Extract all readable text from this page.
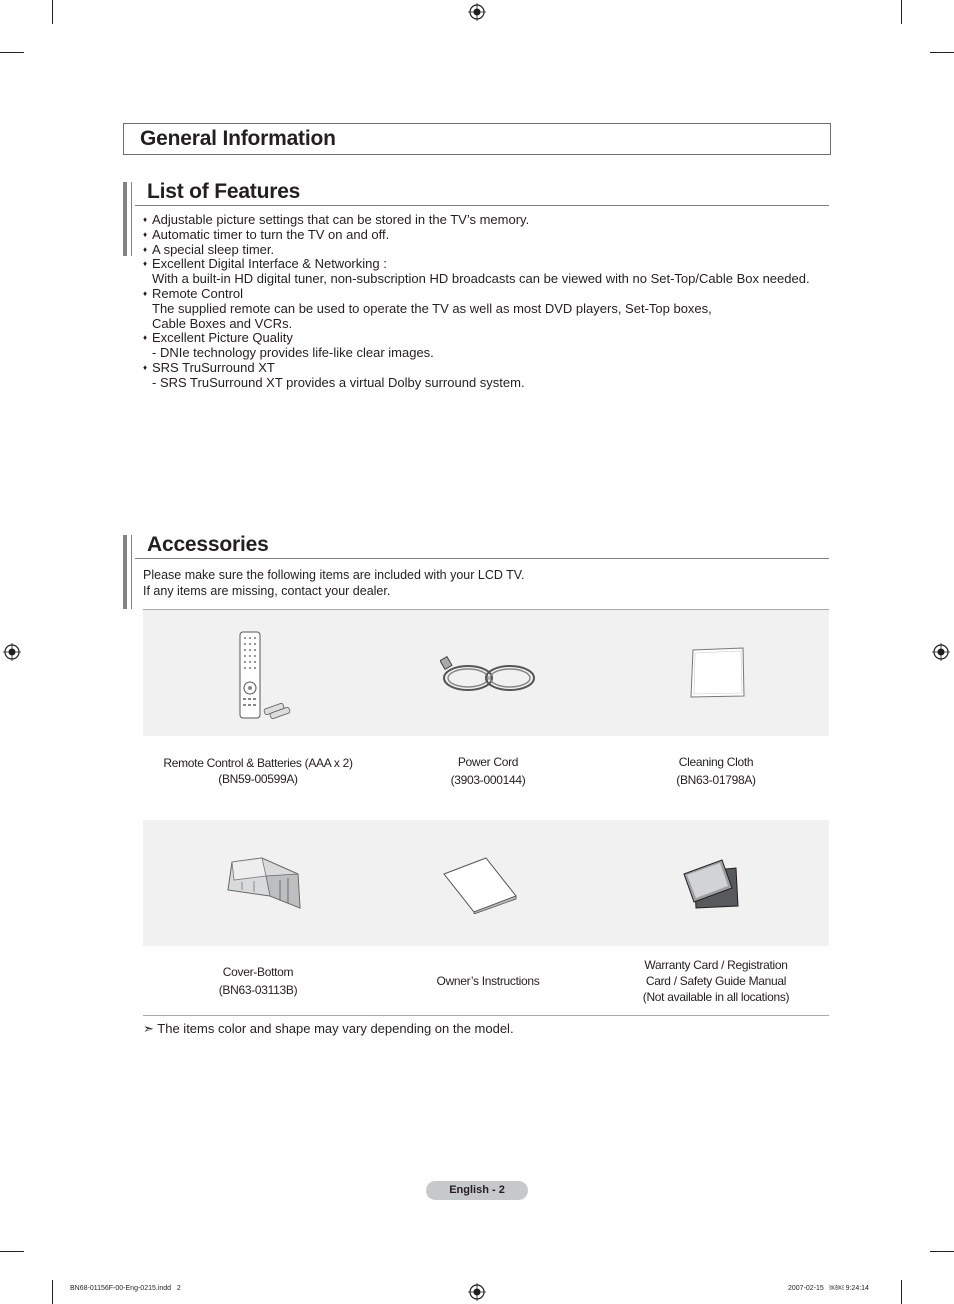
General Information
List of Features
♦ Adjustable picture settings that can be stored in the TV’s memory.
♦ Automatic timer to turn the TV on and off.
♦ A special sleep timer.
♦ Excellent Digital Interface & Networking :
With a built-in HD digital tuner, non-subscription HD broadcasts can be viewed with no Set-Top/Cable Box needed.
♦ Remote Control
The supplied remote can be used to operate the TV as well as most DVD players, Set-Top boxes,
Cable Boxes and VCRs.
♦ Excellent Picture Quality
- DNIe technology provides life-like clear images.
♦ SRS TruSurround XT
- SRS TruSurround XT provides a virtual Dolby surround system.
Accessories
Please make sure the following items are included with your LCD TV.
If any items are missing, contact your dealer.
Remote Control & Batteries (AAA x 2)
(BN59-00599A)
Power Cord
(3903-000144)
Cleaning Cloth
(BN63-01798A)
Cover-Bottom
(BN63-03113B)
Owner’s Instructions
Warranty Card / Registration
Card / Safety Guide Manual
(Not available in all locations)
➣ The items color and shape may vary depending on the model.
English - 2
BN68-01156F-00-Eng-0215.indd   2	2007-02-15   ￼￼ 9:24:14
